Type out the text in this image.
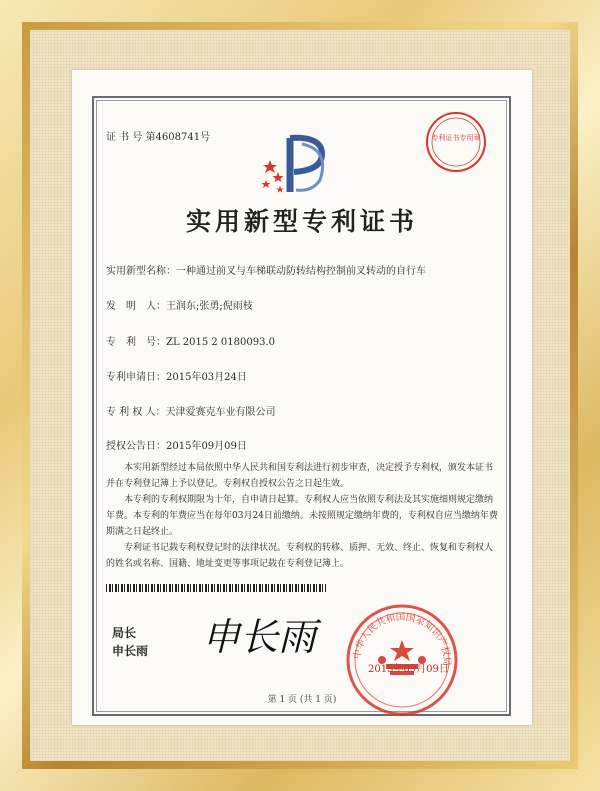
证 书 号 第4608741号	专利证书专用章
实用新型专利证书
实用新型名称：一种通过前叉与车梯联动防转结构控制前叉转动的自行车
发　明　人：王润东;张勇;倪雨枝
专　利　号：ZL 2015 2 0180093.0
专利申请日：2015年03月24日
专 利 权 人：天津爱赛克车业有限公司
授权公告日：2015年09月09日
本实用新型经过本局依照中华人民共和国专利法进行初步审查，决定授予专利权，颁发本证书并在专利登记簿上予以登记。专利权自授权公告之日起生效。
本专利的专利权期限为十年，自申请日起算。专利权人应当依照专利法及其实施细则规定缴纳年费。本专利的年费应当在每年03月24日前缴纳。未按照规定缴纳年费的，专利权自应当缴纳年费期满之日起终止。
专利证书记载专利权登记时的法律状况。专利权的转移、质押、无效、终止、恢复和专利权人的姓名或名称、国籍、地址变更等事项记载在专利登记簿上。
局长
申长雨 申长雨	中华人民共和国国家知识产权局
2015年09月09日
第 1 页 (共 1 页)
